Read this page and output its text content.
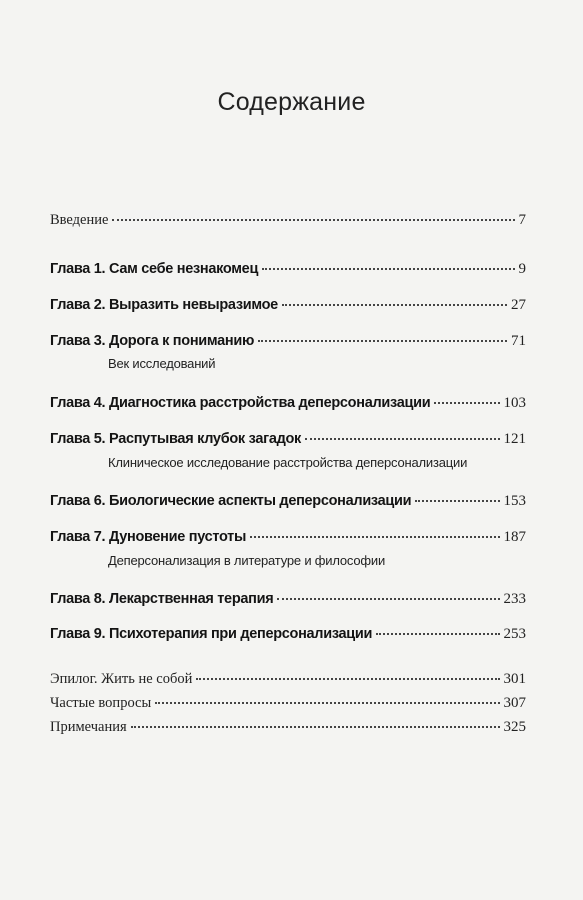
Содержание
Введение	7
Глава 1. Сам себе незнакомец	9
Глава 2. Выразить невыразимое	27
Глава 3. Дорога к пониманию	71
Век исследований
Глава 4. Диагностика расстройства деперсонализации	103
Глава 5. Распутывая клубок загадок	121
Клиническое исследование расстройства деперсонализации
Глава 6. Биологические аспекты деперсонализации	153
Глава 7. Дуновение пустоты	187
Деперсонализация в литературе и философии
Глава 8. Лекарственная терапия	233
Глава 9. Психотерапия при деперсонализации	253
Эпилог. Жить не собой	301
Частые вопросы	307
Примечания	325
